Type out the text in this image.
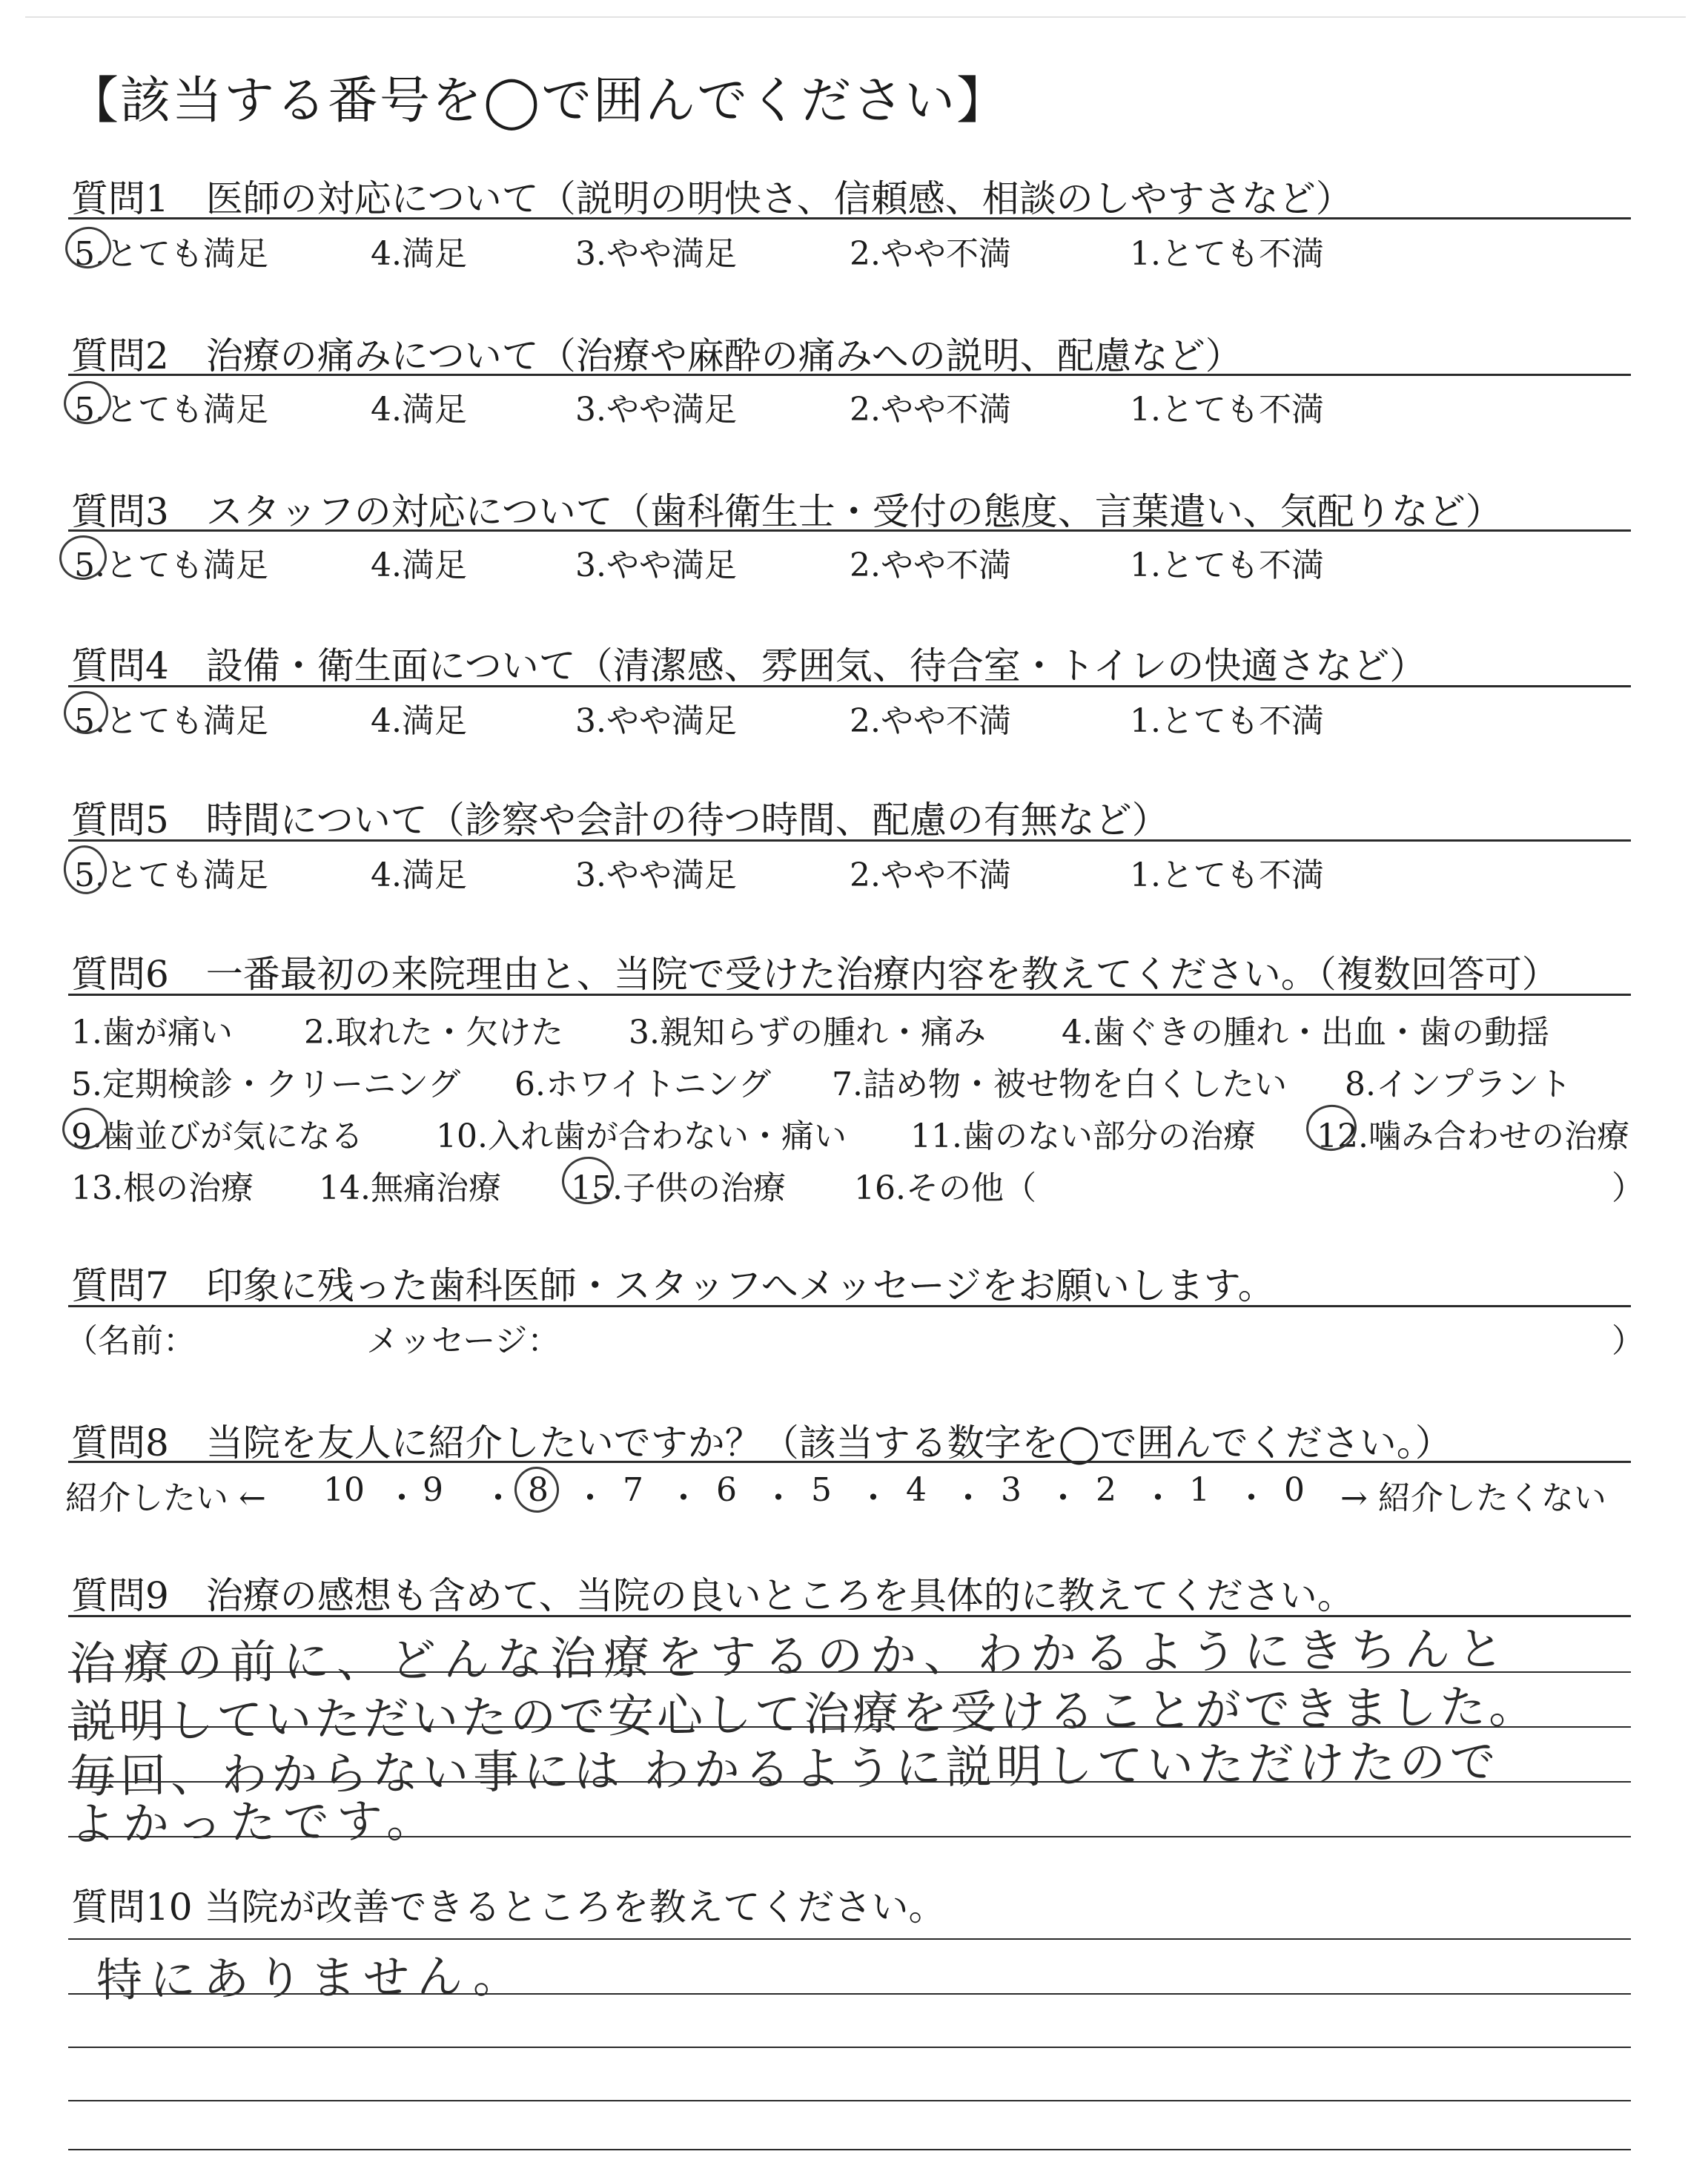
【該当する番号を◯で囲んでください】
質問1　医師の対応について（説明の明快さ、信頼感、相談のしやすさなど）
5.とても満足	4.満足	3.やや満足	2.やや不満	1.とても不満
質問2　治療の痛みについて（治療や麻酔の痛みへの説明、配慮など）
5.とても満足	4.満足	3.やや満足	2.やや不満	1.とても不満
質問3　スタッフの対応について（歯科衛生士・受付の態度、言葉遣い、気配りなど）
5.とても満足	4.満足	3.やや満足	2.やや不満	1.とても不満
質問4　設備・衛生面について（清潔感、雰囲気、待合室・トイレの快適さなど）
5.とても満足	4.満足	3.やや満足	2.やや不満	1.とても不満
質問5　時間について（診察や会計の待つ時間、配慮の有無など）
5.とても満足	4.満足	3.やや満足	2.やや不満	1.とても不満
質問6　一番最初の来院理由と、当院で受けた治療内容を教えてください。（複数回答可）
1.歯が痛い 2.取れた・欠けた 3.親知らずの腫れ・痛み 4.歯ぐきの腫れ・出血・歯の動揺
5.定期検診・クリーニング 6.ホワイトニング 7.詰め物・被せ物を白くしたい 8.インプラント
9.歯並びが気になる 10.入れ歯が合わない・痛い 11.歯のない部分の治療 12.噛み合わせの治療
13.根の治療 14.無痛治療 15.子供の治療 16.その他（	）
質問7　印象に残った歯科医師・スタッフへメッセージをお願いします。
（名前：	メッセージ：	）
質問8　当院を友人に紹介したいですか？（該当する数字を◯で囲んでください。）
紹介したい ← 10 9	8 7 6 5 4 3 2 1 0 → 紹介したくない
・ ・ ・ ・ ・ ・ ・ ・ ・ ・
質問9　治療の感想も含めて、当院の良いところを具体的に教えてください。
治療の前に、どんな治療をするのか、わかるようにきちんと
説明していただいたので安心して治療を受けることができました。
毎回、わからない事には わかるように説明していただけたので
よかったです。
質問10 当院が改善できるところを教えてください。
特にありません。
